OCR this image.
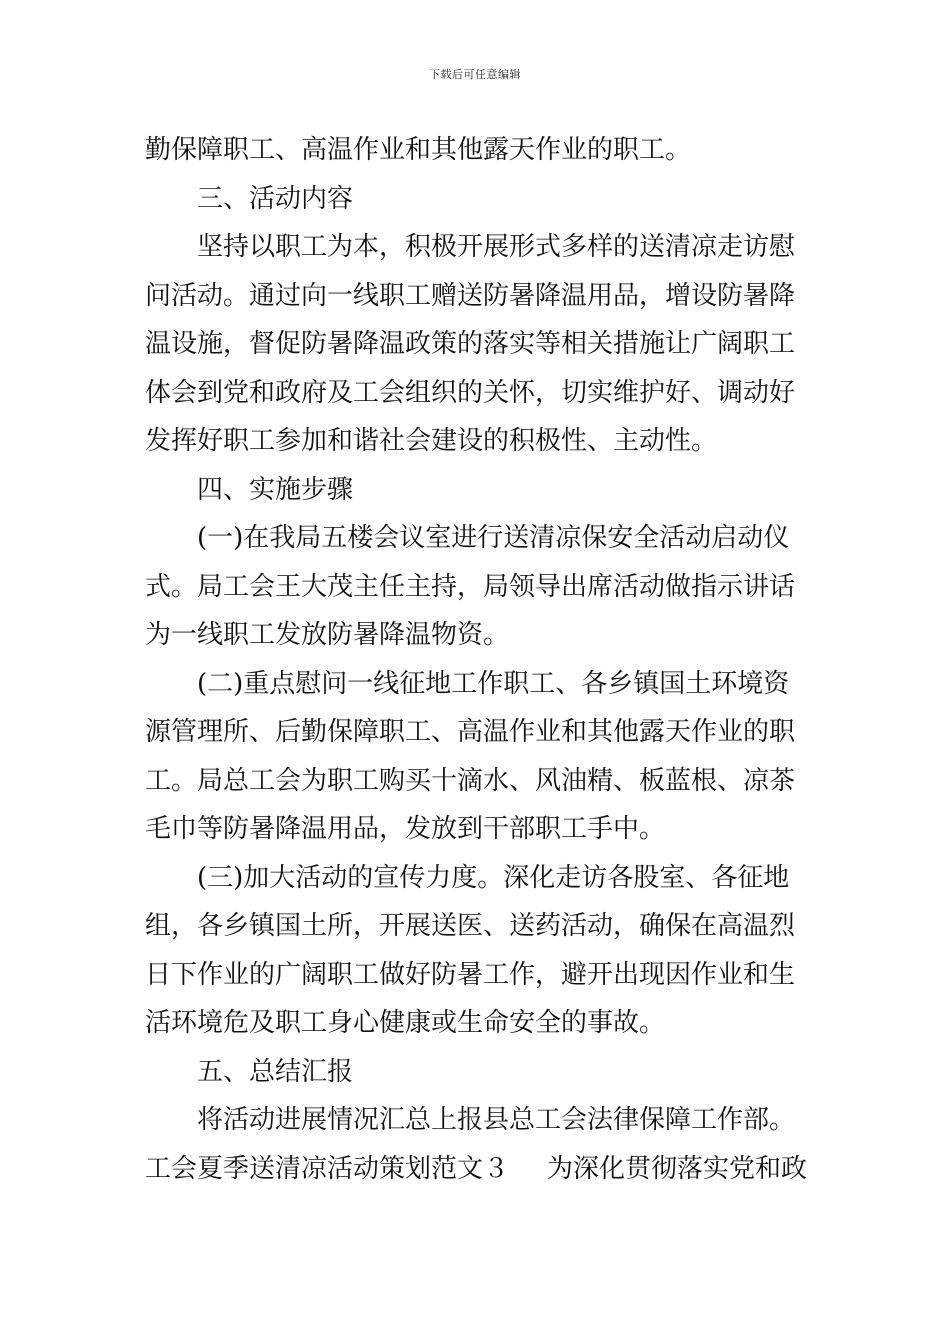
下载后可任意编辑
勤保障职工、高温作业和其他露天作业的职工。
三、活动内容
坚持以职工为本，积极开展形式多样的送清凉走访慰
问活动。通过向一线职工赠送防暑降温用品，增设防暑降
温设施，督促防暑降温政策的落实等相关措施让广阔职工
体会到党和政府及工会组织的关怀，切实维护好、调动好
发挥好职工参加和谐社会建设的积极性、主动性。
四、实施步骤
(一)在我局五楼会议室进行送清凉保安全活动启动仪
式。局工会王大茂主任主持，局领导出席活动做指示讲话
为一线职工发放防暑降温物资。
(二)重点慰问一线征地工作职工、各乡镇国土环境资
源管理所、后勤保障职工、高温作业和其他露天作业的职
工。局总工会为职工购买十滴水、风油精、板蓝根、凉茶
毛巾等防暑降温用品，发放到干部职工手中。
(三)加大活动的宣传力度。深化走访各股室、各征地
组，各乡镇国土所，开展送医、送药活动，确保在高温烈
日下作业的广阔职工做好防暑工作，避开出现因作业和生
活环境危及职工身心健康或生命安全的事故。
五、总结汇报
将活动进展情况汇总上报县总工会法律保障工作部。
工会夏季送清凉活动策划范文３ 为深化贯彻落实党和政
